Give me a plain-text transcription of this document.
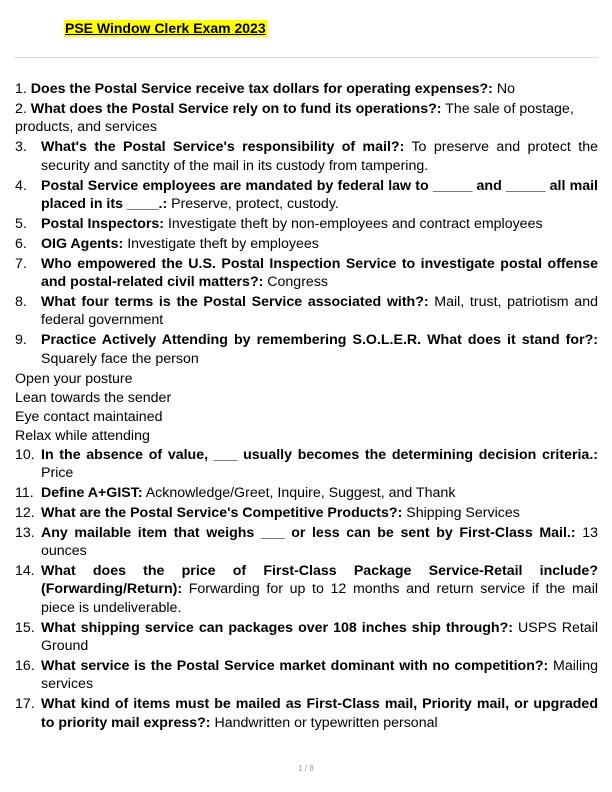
PSE Window Clerk Exam 2023
1. Does the Postal Service receive tax dollars for operating expenses?: No
2. What does the Postal Service rely on to fund its operations?: The sale of postage, products, and services
3. What's the Postal Service's responsibility of mail?: To preserve and protect the security and sanctity of the mail in its custody from tampering.
4. Postal Service employees are mandated by federal law to _____ and _____ all mail placed in its ____.: Preserve, protect, custody.
5. Postal Inspectors: Investigate theft by non-employees and contract employees
6. OIG Agents: Investigate theft by employees
7. Who empowered the U.S. Postal Inspection Service to investigate postal offense and postal-related civil matters?: Congress
8. What four terms is the Postal Service associated with?: Mail, trust, patriotism and federal government
9. Practice Actively Attending by remembering S.O.L.E.R. What does it stand for?: Squarely face the person

Open your posture

Lean towards the sender

Eye contact maintained

Relax while attending

10. In the absence of value, ___ usually becomes the determining decision criteria.: Price
11. Define A+GIST: Acknowledge/Greet, Inquire, Suggest, and Thank
12. What are the Postal Service's Competitive Products?: Shipping Services
13. Any mailable item that weighs ___ or less can be sent by First-Class Mail.: 13 ounces
14. What does the price of First-Class Package Service-Retail include? (Forwarding/Return): Forwarding for up to 12 months and return service if the mail piece is undeliverable.
15. What shipping service can packages over 108 inches ship through?: USPS Retail Ground
16. What service is the Postal Service market dominant with no competition?: Mailing services
17. What kind of items must be mailed as First-Class mail, Priority mail, or upgraded to priority mail express?: Handwritten or typewritten personal
1 / 8
